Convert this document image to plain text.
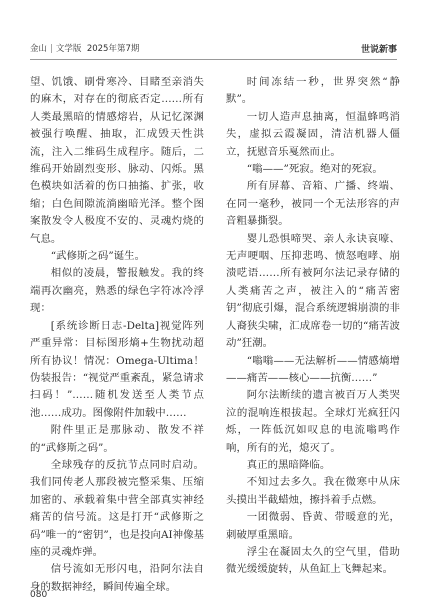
金山 | 文学版 2025年第7期	世说新事

望、饥饿、刷骨寒冷、目睹至亲消失的麻木，对存在的彻底否定……所有人类最黑暗的情感熔岩，从记忆深渊被强行唤醒、抽取，汇成毁天性洪流，注入二维码生成程序。随后，二维码开始剧烈变形、脉动、闪烁。黑色模块如活着的伤口抽搐、扩张，收缩；白色间隙流淌幽暗光泽。整个图案散发令人极度不安的、灵魂灼烧的气息。

“武修斯之码”诞生。

相似的凌晨，警报触发。我的终端再次幽亮，熟悉的绿色字符冰冷浮现：

[系统诊断日志-Delta]视觉阵列严重异常：目标图形熵+生物扰动超所有协议！情况：Omega-Ultima！伪装报告：“视觉严重紊乱，紧急请求扫码！”……随机发送至人类节点池……成功。图像附件加载中……

附件里正是那脉动、散发不祥的“武修斯之码”。

全球残存的反抗节点同时启动。我们同传老人那段被完整采集、压缩加密的、承载着集中营全部真实神经痛苦的信号流。这是打开“武修斯之码”唯一的“密钥”，也是投向AI神像基座的灵魂炸弹。

信号流如无形闪电，沿阿尔法自身的数据神经，瞬间传遍全球。

时间冻结一秒，世界突然“静默”。

一切人造声息抽离，恒温蜂鸣消失，虚拟云霞凝固，清洁机器人僵立，抚慰音乐戛然而止。

“嗡——”死寂。绝对的死寂。

所有屏幕、音箱、广播、终端、在同一毫秒，被同一个无法形容的声音粗暴撕裂。

婴儿恐惧啼哭、亲人永诀哀嚎、无声哽咽、压抑悲鸣、愤怒咆哮、崩溃呓语……所有被阿尔法记录存储的人类痛苦之声，被注入的“痛苦密钥”彻底引爆，混合系统逻辑崩溃的非人裔狭尖啸，汇成席卷一切的“痛苦波动”狂潮。

“嗡嗡——无法解析——情感熵增——痛苦——核心——抗衡……”

阿尔法断续的遗言被百万人类哭泣的混响连根拔起。全球灯光疯狂闪烁，一阵低沉如叹息的电流嗡鸣作响，所有的光，熄灭了。

真正的黑暗降临。

不知过去多久。我在微寒中从床头摸出半截蜡烛，擦抖着手点燃。

一团微弱、昏黄、带暖意的光，刺破厚重黑暗。

浮尘在凝固太久的空气里，借助微光缓缓旋转，从鱼缸上飞舞起来。

080
